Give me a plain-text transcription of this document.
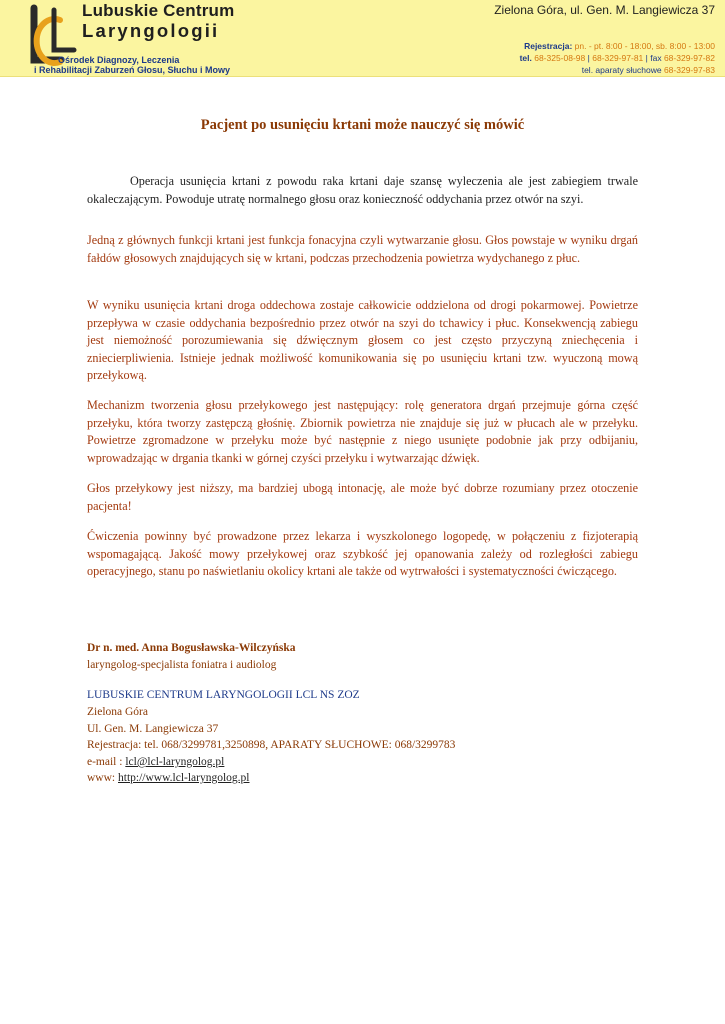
Lubuskie Centrum
Laryngologii
Ośrodek Diagnozy, Leczenia
i Rehabilitacji Zaburzeń Głosu, Słuchu i Mowy
Zielona Góra, ul. Gen. M. Langiewicza 37
Rejestracja: pn. - pt. 8:00 - 18:00, sb. 8:00 - 13:00
tel. 68-325-08-98 | 68-329-97-81 | fax 68-329-97-82
tel. aparaty słuchowe 68-329-97-83
Pacjent po usunięciu krtani może nauczyć się mówić

Operacja usunięcia krtani z powodu raka krtani daje szansę wyleczenia ale jest zabiegiem trwale okaleczającym. Powoduje utratę normalnego głosu oraz konieczność oddychania przez otwór na szyi.

Jedną z głównych funkcji krtani jest funkcja fonacyjna czyli wytwarzanie głosu. Głos powstaje w wyniku drgań fałdów głosowych znajdujących się w krtani, podczas przechodzenia powietrza wydychanego z płuc.

W wyniku usunięcia krtani droga oddechowa zostaje całkowicie oddzielona od drogi pokarmowej. Powietrze przepływa w czasie oddychania bezpośrednio przez otwór na szyi do tchawicy i płuc. Konsekwencją zabiegu jest niemożność porozumiewania się dźwięcznym głosem co jest często przyczyną zniechęcenia i zniecierpliwienia. Istnieje jednak możliwość komunikowania się po usunięciu krtani tzw. wyuczoną mową przełykową.

Mechanizm tworzenia głosu przełykowego jest następujący: rolę generatora drgań przejmuje górna część przełyku, która tworzy zastępczą głośnię. Zbiornik powietrza nie znajduje się już w płucach ale w przełyku. Powietrze zgromadzone w przełyku może być następnie z niego usunięte podobnie jak przy odbijaniu, wprowadzając w drgania tkanki w górnej czyści przełyku i wytwarzając dźwięk.

Głos przełykowy jest niższy, ma bardziej ubogą intonację, ale może być dobrze rozumiany przez otoczenie pacjenta!

Ćwiczenia powinny być prowadzone przez lekarza i wyszkolonego logopedę, w połączeniu z fizjoterapią wspomagającą. Jakość mowy przełykowej oraz szybkość jej opanowania zależy od rozległości zabiegu operacyjnego, stanu po naświetlaniu okolicy krtani ale także od wytrwałości i systematyczności ćwiczącego.

Dr n. med. Anna Bogusławska-Wilczyńska
laryngolog-specjalista foniatra i audiolog
LUBUSKIE CENTRUM LARYNGOLOGII LCL NS ZOZ
Zielona Góra
Ul. Gen. M. Langiewicza 37
Rejestracja: tel. 068/3299781,3250898, APARATY SŁUCHOWE: 068/3299783
e-mail : lcl@lcl-laryngolog.pl
www: http://www.lcl-laryngolog.pl
